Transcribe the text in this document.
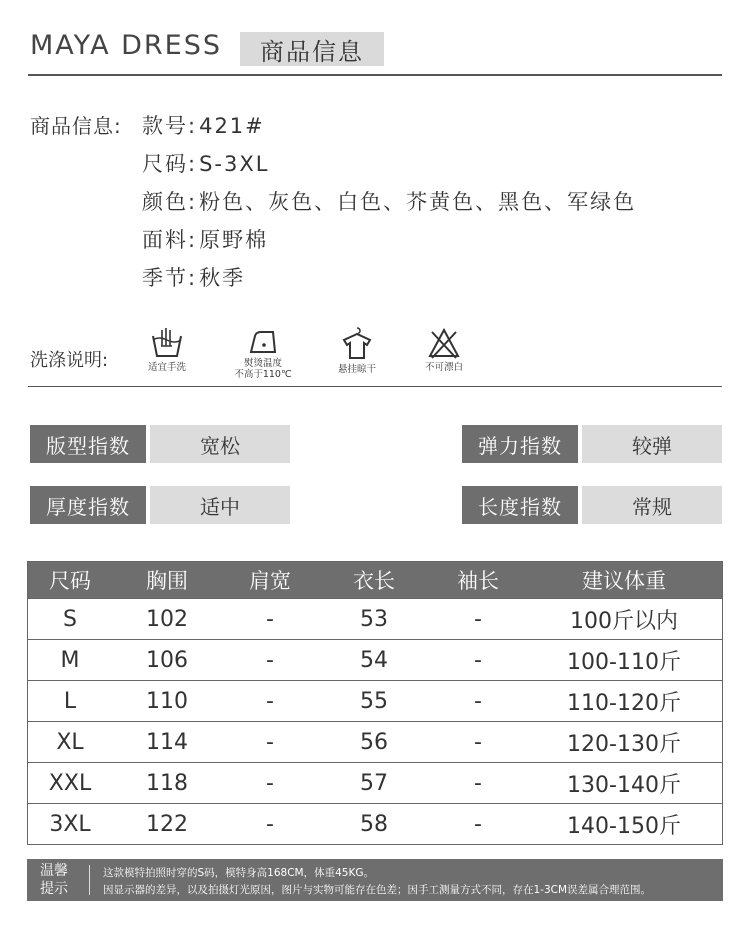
MAYA DRESS	商品信息
商品信息: 款号:421#
尺码:S-3XL
颜色:粉色、灰色、白色、芥黄色、黑色、军绿色
面料:原野棉
季节:秋季
洗涤说明:	适宜手洗	熨烫温度
不高于110℃	悬挂晾干	不可漂白
版型指数	宽松	弹力指数	较弹
厚度指数	适中	长度指数	常规
尺码	胸围	肩宽	衣长	袖长	建议体重
S	102	-	53	-	100斤以内
M	106	-	54	-	100-110斤
L	110	-	55	-	110-120斤
XL	114	-	56	-	120-130斤
XXL	118	-	57	-	130-140斤
3XL	122	-	58	-	140-150斤
温馨
提示
这款模特拍照时穿的S码，模特身高168CM，体重45KG。
因显示器的差异，以及拍摄灯光原因，图片与实物可能存在色差；因手工测量方式不同，存在1-3CM误差属合理范围。
